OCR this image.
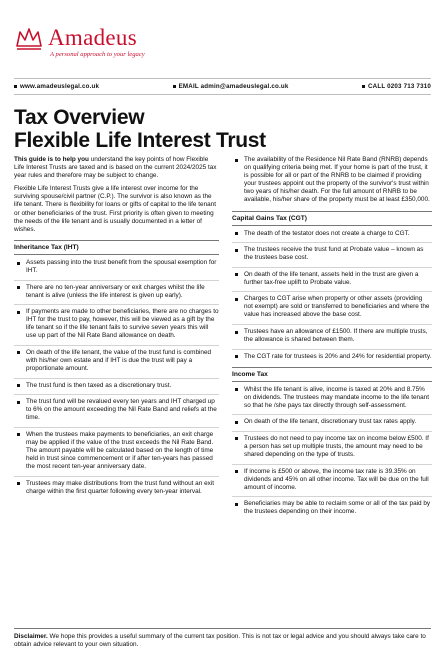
Amadeus
A personal approach to your legacy
www.amadeuslegal.co.uk	EMAIL admin@amadeuslegal.co.uk	CALL 0203 713 7310
Tax Overview
Flexible Life Interest Trust

This guide is to help you understand the key points of how Flexible Life Interest Trusts are taxed and is based on the current 2024/2025 tax year rules and therefore may be subject to change.

Flexible Life Interest Trusts give a life interest over income for the surviving spouse/civil partner (C.P.). The survivor is also known as the life tenant. There is flexibility for loans or gifts of capital to the life tenant or other beneficiaries of the trust. First priority is often given to meeting the needs of the life tenant and is usually documented in a letter of wishes.

Inheritance Tax (IHT)
Assets passing into the trust benefit from the spousal exemption for IHT.
There are no ten-year anniversary or exit charges whilst the life tenant is alive (unless the life interest is given up early).
If payments are made to other beneficiaries, there are no charges to IHT for the trust to pay, however, this will be viewed as a gift by the life tenant so if the life tenant fails to survive seven years this will use up part of the Nil Rate Band allowance on death.
On death of the life tenant, the value of the trust fund is combined with his/her own estate and if IHT is due the trust will pay a proportionate amount.
The trust fund is then taxed as a discretionary trust.
The trust fund will be revalued every ten years and IHT charged up to 6% on the amount exceeding the Nil Rate Band and reliefs at the time.
When the trustees make payments to beneficiaries, an exit charge may be applied if the value of the trust exceeds the Nil Rate Band. The amount payable will be calculated based on the length of time held in trust since commencement or if after ten-years has passed the most recent ten-year anniversary date.
Trustees may make distributions from the trust fund without an exit charge within the first quarter following every ten-year interval.
The availability of the Residence Nil Rate Band (RNRB) depends on qualifying criteria being met. If your home is part of the trust, it is possible for all or part of the RNRB to be claimed if providing your trustees appoint out the property of the survivor's trust within two years of his/her death. For the full amount of RNRB to be available, his/her share of the property must be at least £350,000.
Capital Gains Tax (CGT)
The death of the testator does not create a charge to CGT.
The trustees receive the trust fund at Probate value – known as the trustees base cost.
On death of the life tenant, assets held in the trust are given a further tax-free uplift to Probate value.
Charges to CGT arise when property or other assets (providing not exempt) are sold or transferred to beneficiaries and where the value has increased above the base cost.
Trustees have an allowance of £1500. If there are multiple trusts, the allowance is shared between them.
The CGT rate for trustees is 20% and 24% for residential property.
Income Tax
Whilst the life tenant is alive, income is taxed at 20% and 8.75% on dividends. The trustees may mandate income to the life tenant so that he /she pays tax directly through self-assessment.
On death of the life tenant, discretionary trust tax rates apply.
Trustees do not need to pay income tax on income below £500. If a person has set up multiple trusts, the amount may need to be shared depending on the type of trusts.
If income is £500 or above, the income tax rate is 39.35% on dividends and 45% on all other income. Tax will be due on the full amount of income.
Beneficiaries may be able to reclaim some or all of the tax paid by the trustees depending on their income.
Disclaimer. We hope this provides a useful summary of the current tax position. This is not tax or legal advice and you should always take care to obtain advice relevant to your own situation.
